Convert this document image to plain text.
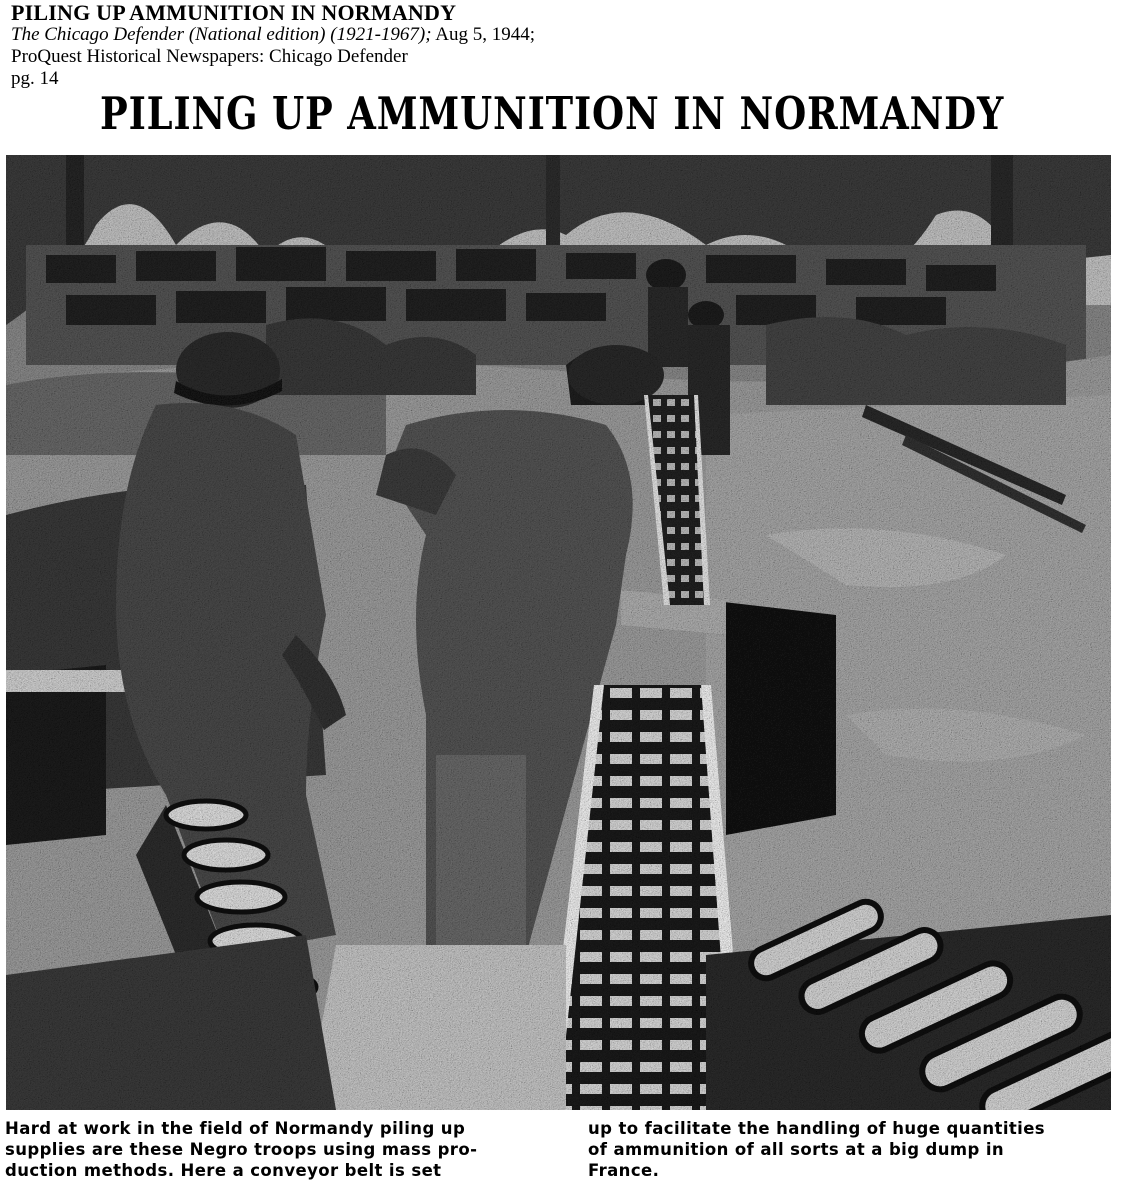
PILING UP AMMUNITION IN NORMANDY
The Chicago Defender (National edition) (1921-1967); Aug 5, 1944;
ProQuest Historical Newspapers: Chicago Defender
pg. 14
PILING UP AMMUNITION IN NORMANDY
Hard at work in the field of Normandy piling up
supplies are these Negro troops using mass pro-
duction methods. Here a conveyor belt is set
up to facilitate the handling of huge quantities
of ammunition of all sorts at a big dump in
France.
